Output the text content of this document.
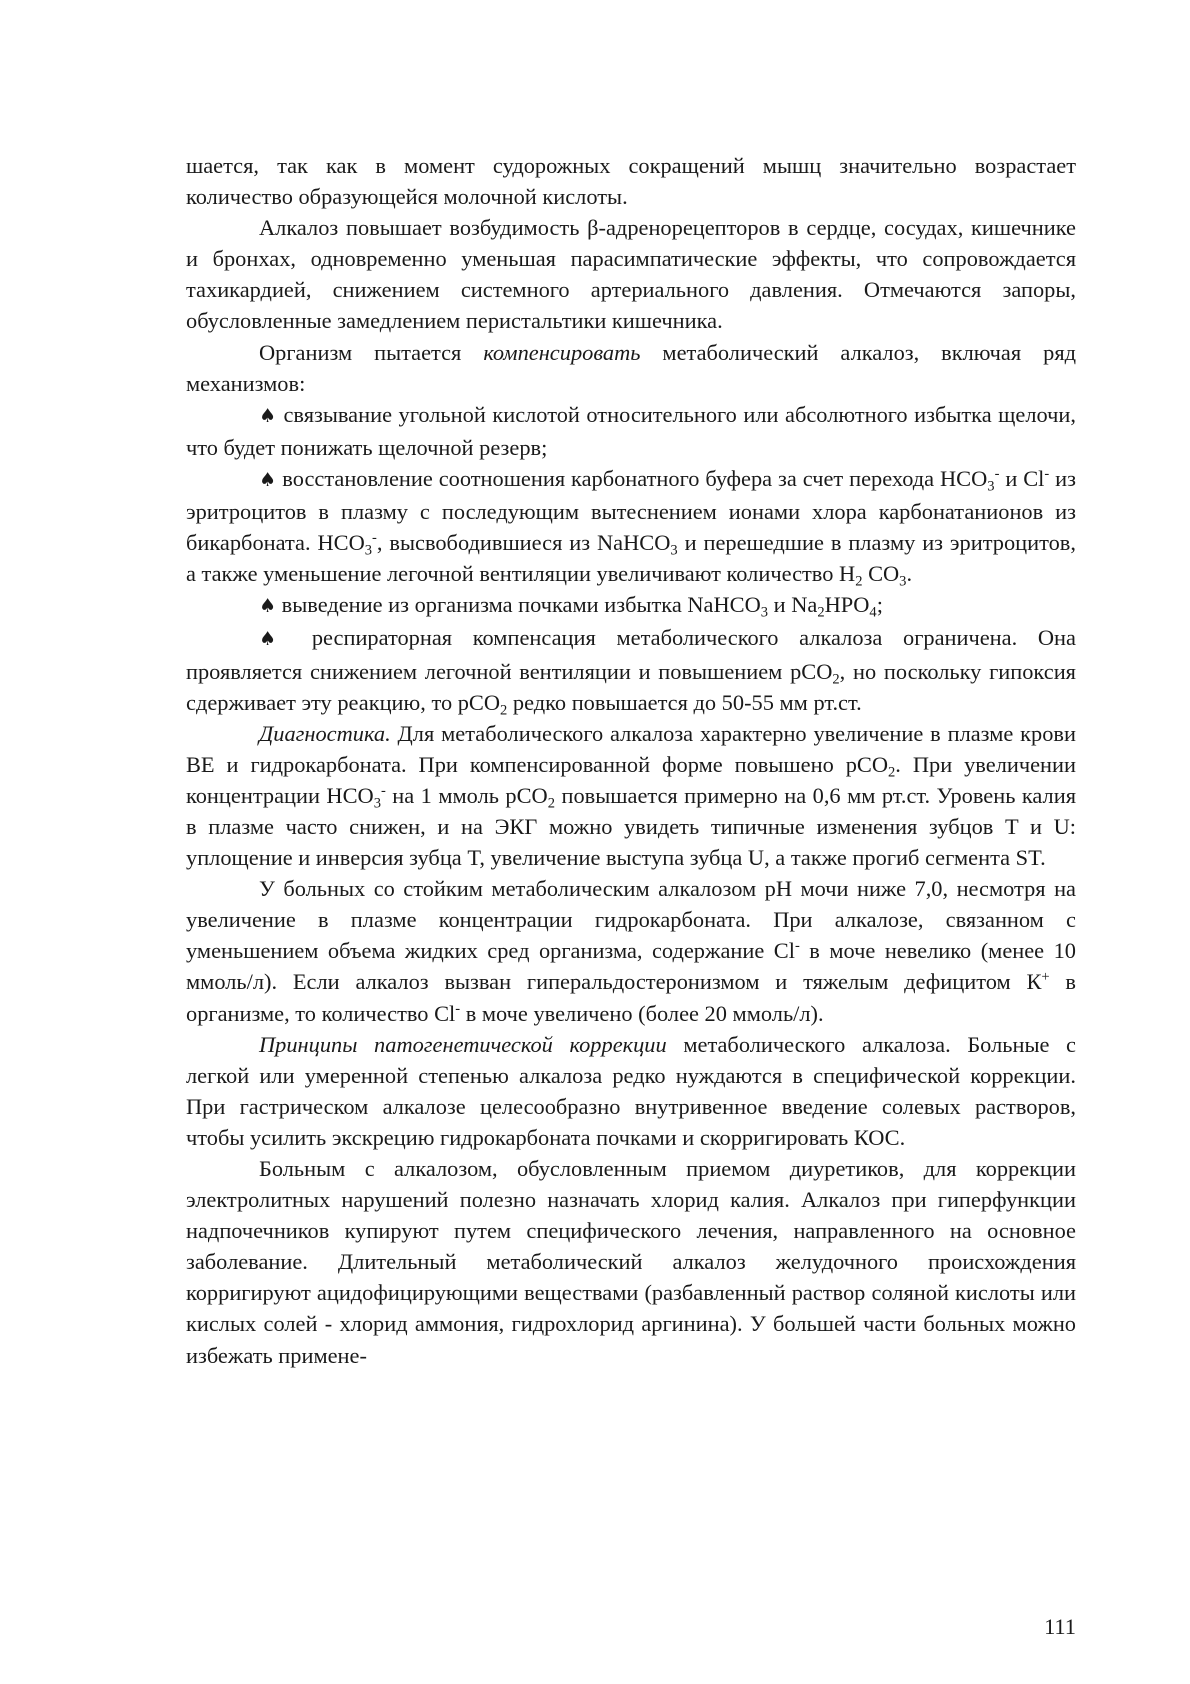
шается, так как в момент судорожных сокращений мышц значительно возрастает количество образующейся молочной кислоты.

Алкалоз повышает возбудимость β-адренорецепторов в сердце, сосудах, кишечнике и бронхах, одновременно уменьшая парасимпатические эффекты, что сопровождается тахикардией, снижением системного артериального давления. Отмечаются запоры, обусловленные замедлением перистальтики кишечника.

Организм пытается компенсировать метаболический алкалоз, включая ряд механизмов:

♠ связывание угольной кислотой относительного или абсолютного избытка щелочи, что будет понижать щелочной резерв;

♠ восстановление соотношения карбонатного буфера за счет перехода $НСО_3^-$ и Cl- из эритроцитов в плазму с последующим вытеснением ионами хлора карбонатанионов из бикарбоната. $НСО_3^-$, высвободившиеся из NaHCO$_3$ и перешедшие в плазму из эритроцитов, а также уменьшение легочной вентиляции увеличивают количество $Н_2$ $СО_3$.

♠ выведение из организма почками избытка NaHCO$_3$ и $Na_2HPO_4$;

♠ респираторная компенсация метаболического алкалоза ограничена. Она проявляется снижением легочной вентиляции и повышением pCO$_2$, но поскольку гипоксия сдерживает эту реакцию, то pCO$_2$ редко повышается до 50-55 мм рт.ст.

Диагностика. Для метаболического алкалоза характерно увеличение в плазме крови BE и гидрокарбоната. При компенсированной форме повышено pCO$_2$. При увеличении концентрации $НСО_3^-$ на 1 ммоль pCO$_2$ повышается примерно на 0,6 мм рт.ст. Уровень калия в плазме часто снижен, и на ЭКГ можно увидеть типичные изменения зубцов T и U: уплощение и инверсия зубца T, увеличение выступа зубца U, а также прогиб сегмента ST.

У больных со стойким метаболическим алкалозом pH мочи ниже 7,0, несмотря на увеличение в плазме концентрации гидрокарбоната. При алкалозе, связанном с уменьшением объема жидких сред организма, содержание Cl- в моче невелико (менее 10 ммоль/л). Если алкалоз вызван гиперальдостеронизмом и тяжелым дефицитом К+ в организме, то количество Cl- в моче увеличено (более 20 ммоль/л).

Принципы патогенетической коррекции метаболического алкалоза. Больные с легкой или умеренной степенью алкалоза редко нуждаются в специфической коррекции. При гастрическом алкалозе целесообразно внутривенное введение солевых растворов, чтобы усилить экскрецию гидрокарбоната почками и скорригировать КОС.

Больным с алкалозом, обусловленным приемом диуретиков, для коррекции электролитных нарушений полезно назначать хлорид калия. Алкалоз при гиперфункции надпочечников купируют путем специфического лечения, направленного на основное заболевание. Длительный метаболический алкалоз желудочного происхождения корригируют ацидофицирующими веществами (разбавленный раствор соляной кислоты или кислых солей - хлорид аммония, гидрохлорид аргинина). У большей части больных можно избежать примене-

111
